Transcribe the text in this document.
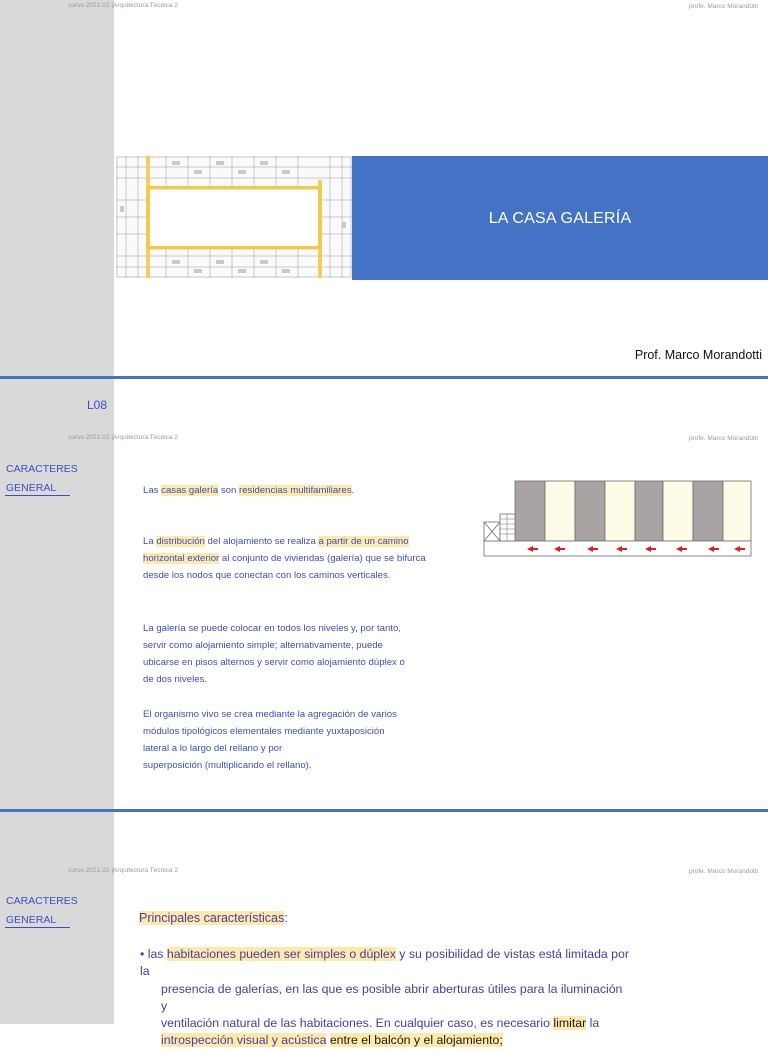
curso 2021-22 |Arquitectura Técnica 2	profe. Marco Morandotti
LA CASA GALERÍA
Prof. Marco Morandotti
L08
curso 2021-22 |Arquitectura Técnica 2	profe. Marco Morandotti
CARACTERES
GENERAL	Las casas galería son residencias multifamiliares.
La distribución del alojamiento se realiza a partir de un camino
horizontal exterior al conjunto de viviendas (galería) que se bifurca
desde los nodos que conectan con los caminos verticales.
La galería se puede colocar en todos los niveles y, por tanto,
servir como alojamiento simple; alternativamente, puede
ubicarse en pisos alternos y servir como alojamiento dúplex o
de dos niveles.
El organismo vivo se crea mediante la agregación de varios
módulos tipológicos elementales mediante yuxtaposición
lateral a lo largo del rellano y por
superposición (multiplicando el rellano).
curso 2021-22 |Arquitectura Técnica 2	profe. Marco Morandotti
CARACTERES
GENERAL	Principales características:
• las habitaciones pueden ser simples o dúplex y su posibilidad de vistas está limitada por la
presencia de galerías, en las que es posible abrir aberturas útiles para la iluminación y
ventilación natural de las habitaciones. En cualquier caso, es necesario limitar la
introspección visual y acústica entre el balcón y el alojamiento;
